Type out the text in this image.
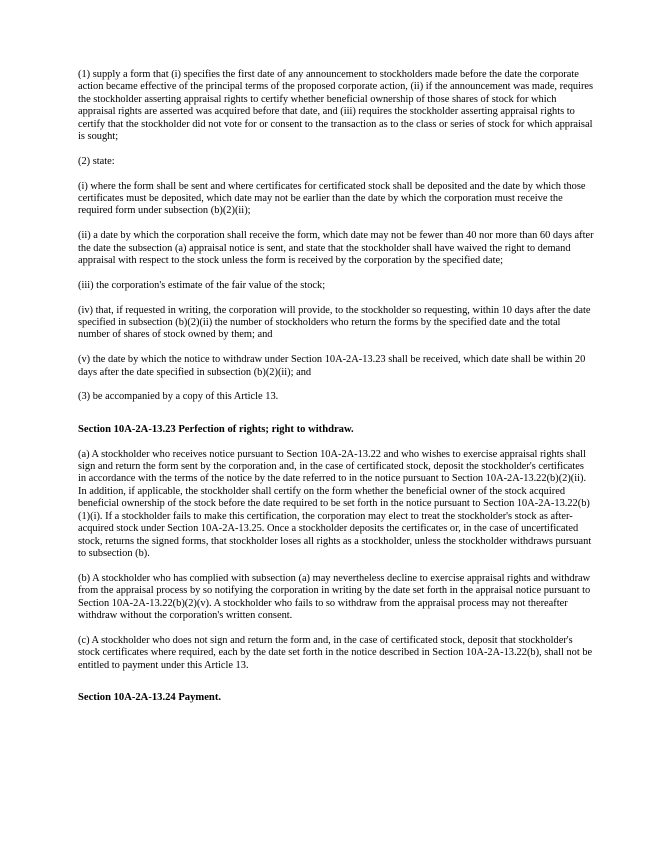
(1) supply a form that (i) specifies the first date of any announcement to stockholders made before the date the corporate action became effective of the principal terms of the proposed corporate action, (ii) if the announcement was made, requires the stockholder asserting appraisal rights to certify whether beneficial ownership of those shares of stock for which appraisal rights are asserted was acquired before that date, and (iii) requires the stockholder asserting appraisal rights to certify that the stockholder did not vote for or consent to the transaction as to the class or series of stock for which appraisal is sought;

(2) state:

(i) where the form shall be sent and where certificates for certificated stock shall be deposited and the date by which those certificates must be deposited, which date may not be earlier than the date by which the corporation must receive the required form under subsection (b)(2)(ii);

(ii) a date by which the corporation shall receive the form, which date may not be fewer than 40 nor more than 60 days after the date the subsection (a) appraisal notice is sent, and state that the stockholder shall have waived the right to demand appraisal with respect to the stock unless the form is received by the corporation by the specified date;

(iii) the corporation's estimate of the fair value of the stock;

(iv) that, if requested in writing, the corporation will provide, to the stockholder so requesting, within 10 days after the date specified in subsection (b)(2)(ii) the number of stockholders who return the forms by the specified date and the total number of shares of stock owned by them; and

(v) the date by which the notice to withdraw under Section 10A-2A-13.23 shall be received, which date shall be within 20 days after the date specified in subsection (b)(2)(ii); and

(3) be accompanied by a copy of this Article 13.

Section 10A-2A-13.23 Perfection of rights; right to withdraw.

(a) A stockholder who receives notice pursuant to Section 10A-2A-13.22 and who wishes to exercise appraisal rights shall sign and return the form sent by the corporation and, in the case of certificated stock, deposit the stockholder's certificates in accordance with the terms of the notice by the date referred to in the notice pursuant to Section 10A-2A-13.22(b)(2)(ii). In addition, if applicable, the stockholder shall certify on the form whether the beneficial owner of the stock acquired beneficial ownership of the stock before the date required to be set forth in the notice pursuant to Section 10A-2A-13.22(b)(1)(i). If a stockholder fails to make this certification, the corporation may elect to treat the stockholder's stock as after-acquired stock under Section 10A-2A-13.25. Once a stockholder deposits the certificates or, in the case of uncertificated stock, returns the signed forms, that stockholder loses all rights as a stockholder, unless the stockholder withdraws pursuant to subsection (b).

(b) A stockholder who has complied with subsection (a) may nevertheless decline to exercise appraisal rights and withdraw from the appraisal process by so notifying the corporation in writing by the date set forth in the appraisal notice pursuant to Section 10A-2A-13.22(b)(2)(v). A stockholder who fails to so withdraw from the appraisal process may not thereafter withdraw without the corporation's written consent.

(c) A stockholder who does not sign and return the form and, in the case of certificated stock, deposit that stockholder's stock certificates where required, each by the date set forth in the notice described in Section 10A-2A-13.22(b), shall not be entitled to payment under this Article 13.

Section 10A-2A-13.24 Payment.
